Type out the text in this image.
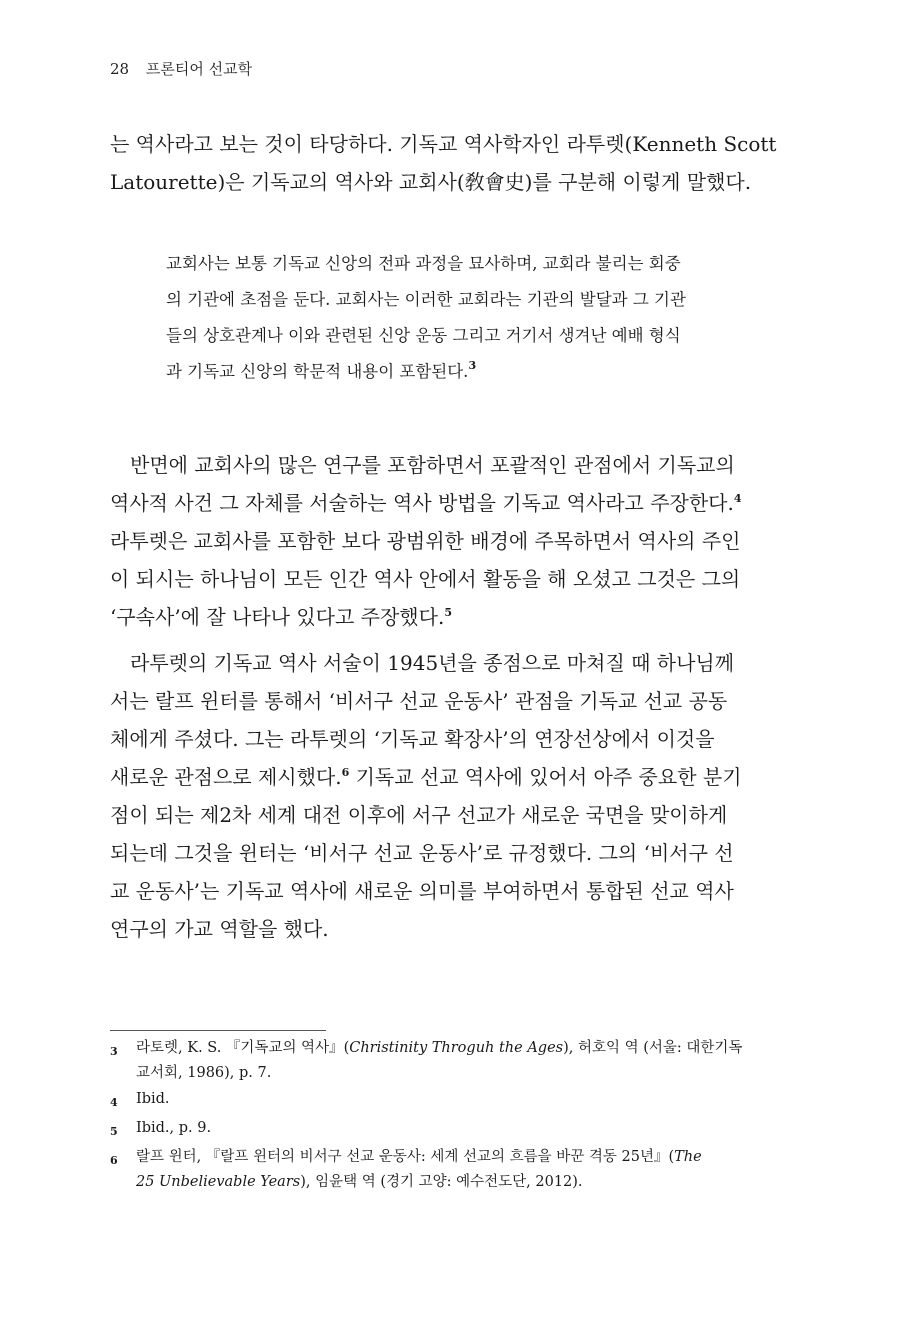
28 프론티어 선교학
는 역사라고 보는 것이 타당하다. 기독교 역사학자인 라투렛(Kenneth Scott
Latourette)은 기독교의 역사와 교회사(敎會史)를 구분해 이렇게 말했다.
교회사는 보통 기독교 신앙의 전파 과정을 묘사하며, 교회라 불리는 회중
의 기관에 초점을 둔다. 교회사는 이러한 교회라는 기관의 발달과 그 기관
들의 상호관계나 이와 관련된 신앙 운동 그리고 거기서 생겨난 예배 형식
과 기독교 신앙의 학문적 내용이 포함된다.$^3$
반면에 교회사의 많은 연구를 포함하면서 포괄적인 관점에서 기독교의
역사적 사건 그 자체를 서술하는 역사 방법을 기독교 역사라고 주장한다.$^4$
라투렛은 교회사를 포함한 보다 광범위한 배경에 주목하면서 역사의 주인
이 되시는 하나님이 모든 인간 역사 안에서 활동을 해 오셨고 그것은 그의
‘구속사’에 잘 나타나 있다고 주장했다.$^5$
라투렛의 기독교 역사 서술이 1945년을 종점으로 마쳐질 때 하나님께
서는 랄프 윈터를 통해서 ‘비서구 선교 운동사’ 관점을 기독교 선교 공동
체에게 주셨다. 그는 라투렛의 ‘기독교 확장사’의 연장선상에서 이것을
새로운 관점으로 제시했다.$^6$ 기독교 선교 역사에 있어서 아주 중요한 분기
점이 되는 제2차 세계 대전 이후에 서구 선교가 새로운 국면을 맞이하게
되는데 그것을 윈터는 ‘비서구 선교 운동사’로 규정했다. 그의 ‘비서구 선
교 운동사’는 기독교 역사에 새로운 의미를 부여하면서 통합된 선교 역사
연구의 가교 역할을 했다.
3	라토렛, K. S. 『기독교의 역사』(Christinity Throguh the Ages), 허호익 역 (서울: 대한기독
교서회, 1986), p. 7.
4	Ibid.
5	Ibid., p. 9.
6	랄프 윈터, 『랄프 윈터의 비서구 선교 운동사: 세계 선교의 흐름을 바꾼 격동 25년』(The
25 Unbelievable Years), 임윤택 역 (경기 고양: 예수전도단, 2012).
